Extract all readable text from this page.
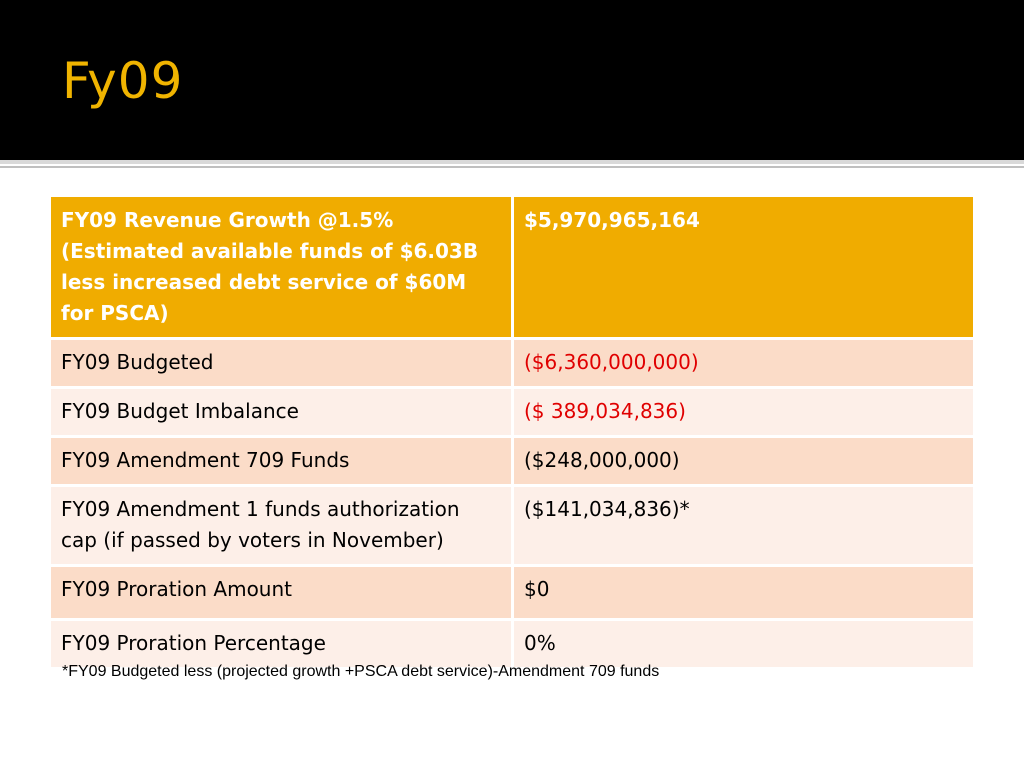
Fy09
FY09 Revenue Growth @1.5% (Estimated available funds of $6.03B less increased debt service of $60M for PSCA)	$5,970,965,164
FY09 Budgeted	($6,360,000,000)
FY09 Budget Imbalance	($ 389,034,836)
FY09 Amendment 709 Funds	($248,000,000)
FY09 Amendment 1 funds authorization cap (if passed by voters in November)	($141,034,836)*
FY09 Proration Amount	$0
FY09 Proration Percentage	0%
*FY09 Budgeted less (projected growth +PSCA debt service)-Amendment 709 funds
